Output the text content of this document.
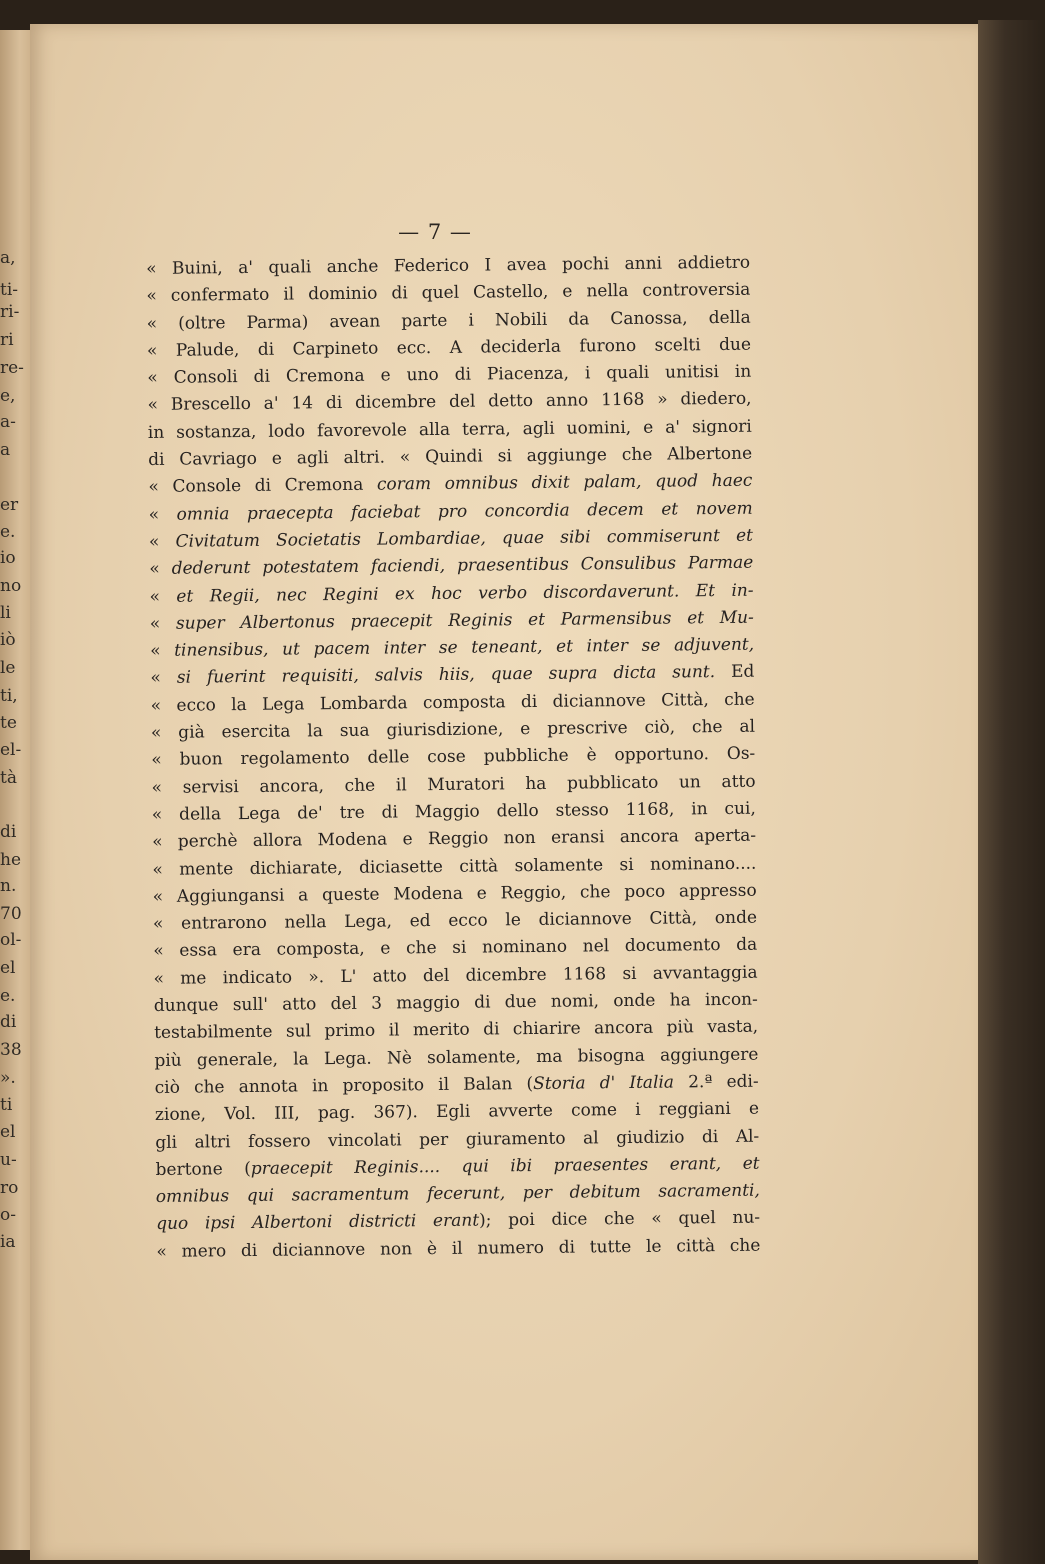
a,
ti-
ri-
ri
re-
e,
a-
a
er
e.
io
no
li
iò
le
ti,
te
el-
tà
di
he
n.
70
ol-
el
e.
di
38
».
ti
el
u-
ro
o-
ia
— 7 —
« Buini, a' quali anche Federico I avea pochi anni addietro
« confermato il dominio di quel Castello, e nella controversia
« (oltre Parma) avean parte i Nobili da Canossa, della
« Palude, di Carpineto ecc. A deciderla furono scelti due
« Consoli di Cremona e uno di Piacenza, i quali unitisi in
« Brescello a' 14 di dicembre del detto anno 1168 » diedero,
in sostanza, lodo favorevole alla terra, agli uomini, e a' signori
di Cavriago e agli altri. « Quindi si aggiunge che Albertone
« Console di Cremona coram omnibus dixit palam, quod haec
« omnia praecepta faciebat pro concordia decem et novem
« Civitatum Societatis Lombardiae, quae sibi commiserunt et
« dederunt potestatem faciendi, praesentibus Consulibus Parmae
« et Regii, nec Regini ex hoc verbo discordaverunt. Et in-
« super Albertonus praecepit Reginis et Parmensibus et Mu-
« tinensibus, ut pacem inter se teneant, et inter se adjuvent,
« si fuerint requisiti, salvis hiis, quae supra dicta sunt. Ed
« ecco la Lega Lombarda composta di diciannove Città, che
« già esercita la sua giurisdizione, e prescrive ciò, che al
« buon regolamento delle cose pubbliche è opportuno. Os-
« servisi ancora, che il Muratori ha pubblicato un atto
« della Lega de' tre di Maggio dello stesso 1168, in cui,
« perchè allora Modena e Reggio non eransi ancora aperta-
« mente dichiarate, diciasette città solamente si nominano....
« Aggiungansi a queste Modena e Reggio, che poco appresso
« entrarono nella Lega, ed ecco le diciannove Città, onde
« essa era composta, e che si nominano nel documento da
« me indicato ». L' atto del dicembre 1168 si avvantaggia
dunque sull' atto del 3 maggio di due nomi, onde ha incon-
testabilmente sul primo il merito di chiarire ancora più vasta,
più generale, la Lega. Nè solamente, ma bisogna aggiungere
ciò che annota in proposito il Balan (Storia d' Italia 2.ª edi-
zione, Vol. III, pag. 367). Egli avverte come i reggiani e
gli altri fossero vincolati per giuramento al giudizio di Al-
bertone (praecepit Reginis.... qui ibi praesentes erant, et
omnibus qui sacramentum fecerunt, per debitum sacramenti,
quo ipsi Albertoni districti erant); poi dice che « quel nu-
« mero di diciannove non è il numero di tutte le città che
